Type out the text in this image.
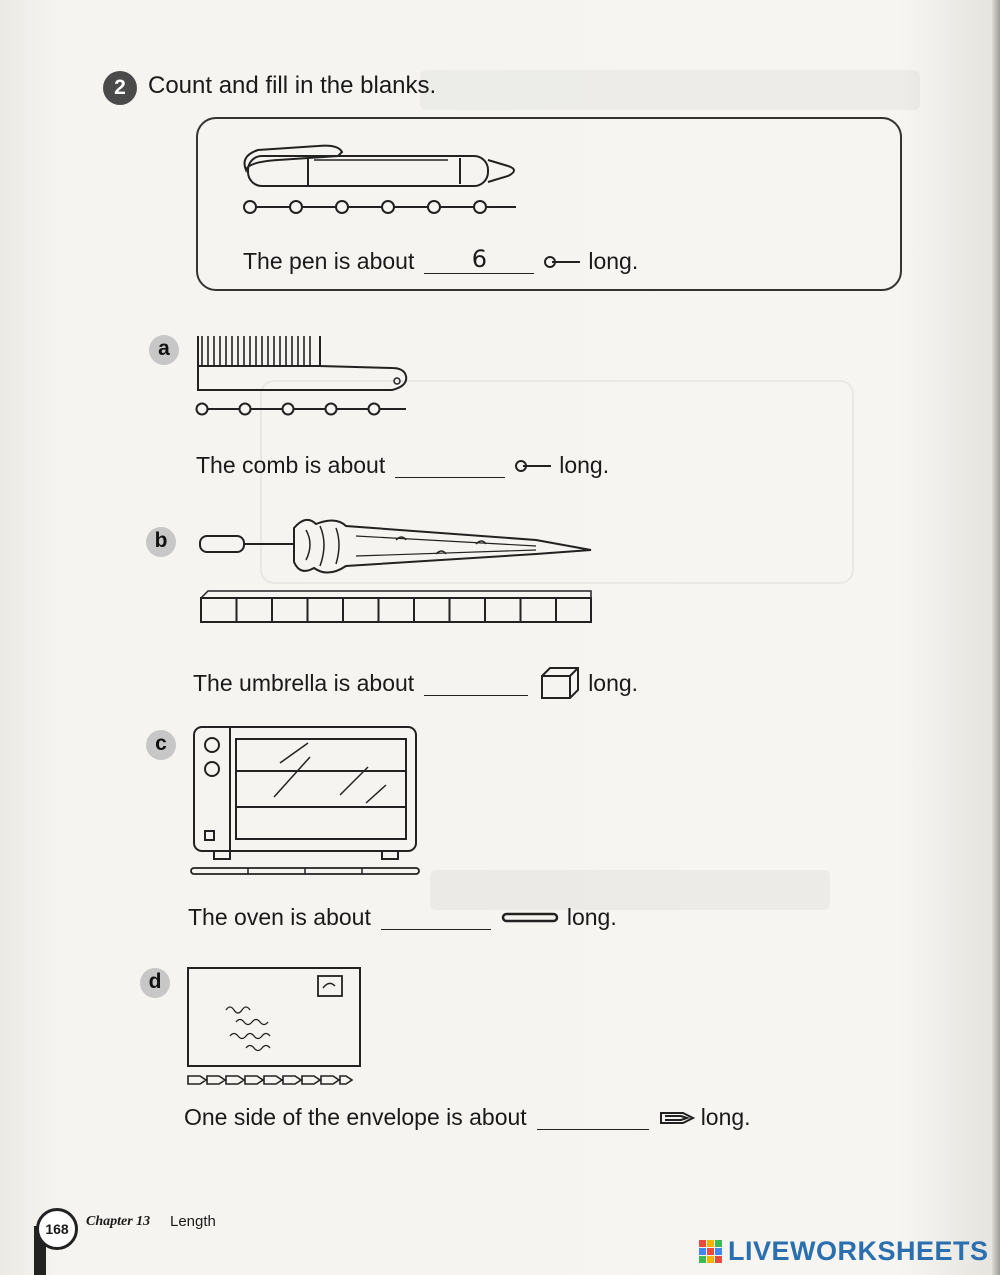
2 Count and fill in the blanks.
The pen is about	6	long.
a
The comb is about	long.
b
The umbrella is about	long.
c
The oven is about	long.
d
One side of the envelope is about	long.
168	Chapter 13 Length
LIVEWORKSHEETS
